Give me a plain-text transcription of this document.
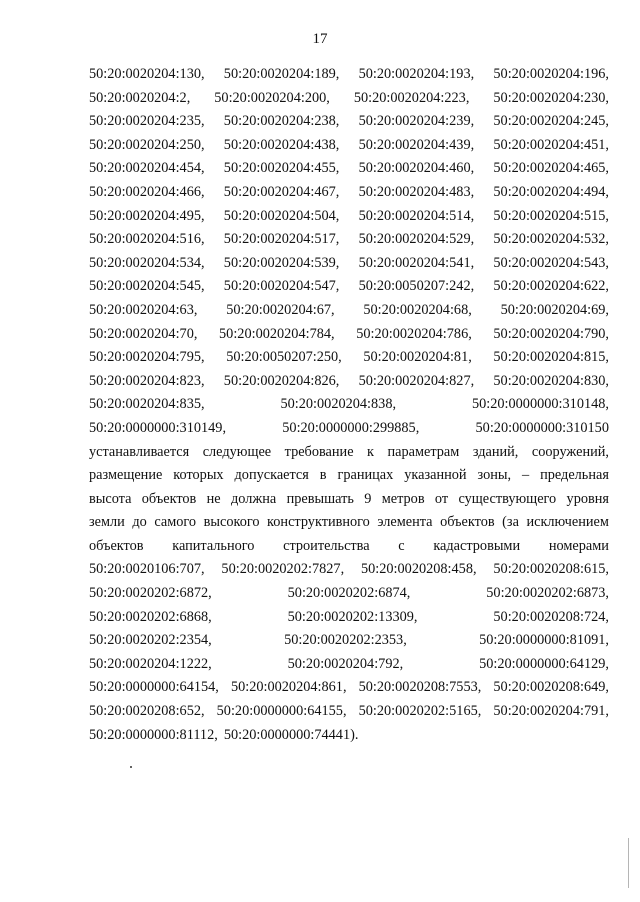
17
50:20:0020204:130, 50:20:0020204:189, 50:20:0020204:193, 50:20:0020204:196,
50:20:0020204:2, 50:20:0020204:200, 50:20:0020204:223, 50:20:0020204:230,
50:20:0020204:235, 50:20:0020204:238, 50:20:0020204:239, 50:20:0020204:245,
50:20:0020204:250, 50:20:0020204:438, 50:20:0020204:439, 50:20:0020204:451,
50:20:0020204:454, 50:20:0020204:455, 50:20:0020204:460, 50:20:0020204:465,
50:20:0020204:466, 50:20:0020204:467, 50:20:0020204:483, 50:20:0020204:494,
50:20:0020204:495, 50:20:0020204:504, 50:20:0020204:514, 50:20:0020204:515,
50:20:0020204:516, 50:20:0020204:517, 50:20:0020204:529, 50:20:0020204:532,
50:20:0020204:534, 50:20:0020204:539, 50:20:0020204:541, 50:20:0020204:543,
50:20:0020204:545, 50:20:0020204:547, 50:20:0050207:242, 50:20:0020204:622,
50:20:0020204:63, 50:20:0020204:67, 50:20:0020204:68, 50:20:0020204:69,
50:20:0020204:70, 50:20:0020204:784, 50:20:0020204:786, 50:20:0020204:790,
50:20:0020204:795, 50:20:0050207:250, 50:20:0020204:81, 50:20:0020204:815,
50:20:0020204:823, 50:20:0020204:826, 50:20:0020204:827, 50:20:0020204:830,
50:20:0020204:835,	50:20:0020204:838,	50:20:0000000:310148,
50:20:0000000:310149,	50:20:0000000:299885,	50:20:0000000:310150
устанавливается следующее требование к параметрам зданий, сооружений,
размещение которых допускается в границах указанной зоны, – предельная
высота объектов не должна превышать 9 метров от существующего уровня
земли до самого высокого конструктивного элемента объектов (за исключением
объектов капитального строительства с кадастровыми номерами
50:20:0020106:707, 50:20:0020202:7827, 50:20:0020208:458, 50:20:0020208:615,
50:20:0020202:6872,	50:20:0020202:6874,	50:20:0020202:6873,
50:20:0020202:6868,	50:20:0020202:13309,	50:20:0020208:724,
50:20:0020202:2354,	50:20:0020202:2353,	50:20:0000000:81091,
50:20:0020204:1222,	50:20:0020204:792,	50:20:0000000:64129,
50:20:0000000:64154, 50:20:0020204:861, 50:20:0020208:7553, 50:20:0020208:649,
50:20:0020208:652, 50:20:0000000:64155, 50:20:0020202:5165, 50:20:0020204:791,
50:20:0000000:81112, 50:20:0000000:74441).
